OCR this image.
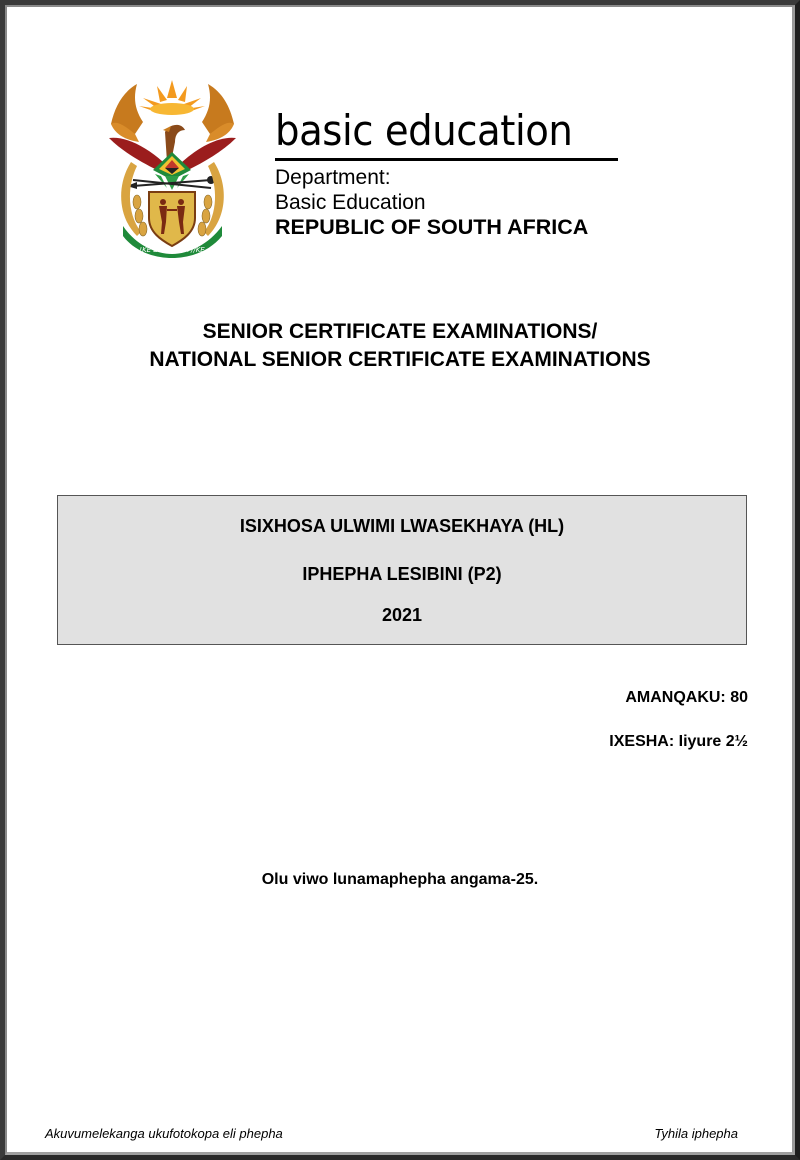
!KE E: /XARRA //KE
basic education
Department:
Basic Education
REPUBLIC OF SOUTH AFRICA
SENIOR CERTIFICATE EXAMINATIONS/
NATIONAL SENIOR CERTIFICATE EXAMINATIONS
ISIXHOSA ULWIMI LWASEKHAYA (HL)
IPHEPHA LESIBINI (P2)
2021
AMANQAKU: 80
IXESHA: Iiyure 2½
Olu viwo lunamaphepha angama-25.
Akuvumelekanga ukufotokopa eli phepha	Tyhila iphepha
